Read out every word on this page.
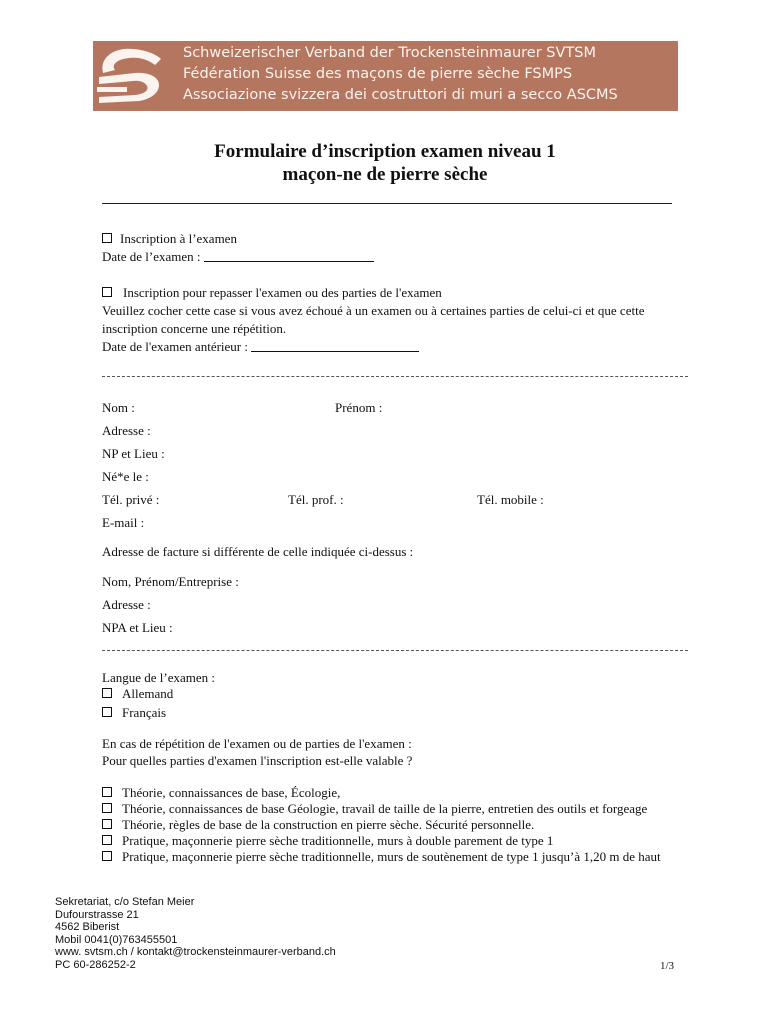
Schweizerischer Verband der Trockensteinmaurer SVTSM
Fédération Suisse des maçons de pierre sèche FSMPS
Associazione svizzera dei costruttori di muri a secco ASCMS
Formulaire d’inscription examen niveau 1
maçon-ne de pierre sèche
Inscription à l’examen
Date de l’examen :
Inscription pour repasser l'examen ou des parties de l'examen
Veuillez cocher cette case si vous avez échoué à un examen ou à certaines parties de celui-ci et que cette
inscription concerne une répétition.
Date de l'examen antérieur :
Nom :	Prénom :
Adresse :
NP et Lieu :
Né*e le :
Tél. privé :	Tél. prof. :	Tél. mobile :
E-mail :
Adresse de facture si différente de celle indiquée ci-dessus :
Nom, Prénom/Entreprise :
Adresse :
NPA et Lieu :
Langue de l’examen :
Allemand
Français
En cas de répétition de l'examen ou de parties de l'examen :
Pour quelles parties d'examen l'inscription est-elle valable ?
Théorie, connaissances de base, Écologie,
Théorie, connaissances de base Géologie, travail de taille de la pierre, entretien des outils et forgeage
Théorie, règles de base de la construction en pierre sèche. Sécurité personnelle.
Pratique, maçonnerie pierre sèche traditionnelle, murs à double parement de type 1
Pratique, maçonnerie pierre sèche traditionnelle, murs de soutènement de type 1 jusqu’à 1,20 m de haut
Sekretariat, c/o Stefan Meier
Dufourstrasse 21
4562 Biberist
Mobil 0041(0)763455501
www. svtsm.ch / kontakt@trockensteinmaurer-verband.ch
PC 60-286252-2	1/3
